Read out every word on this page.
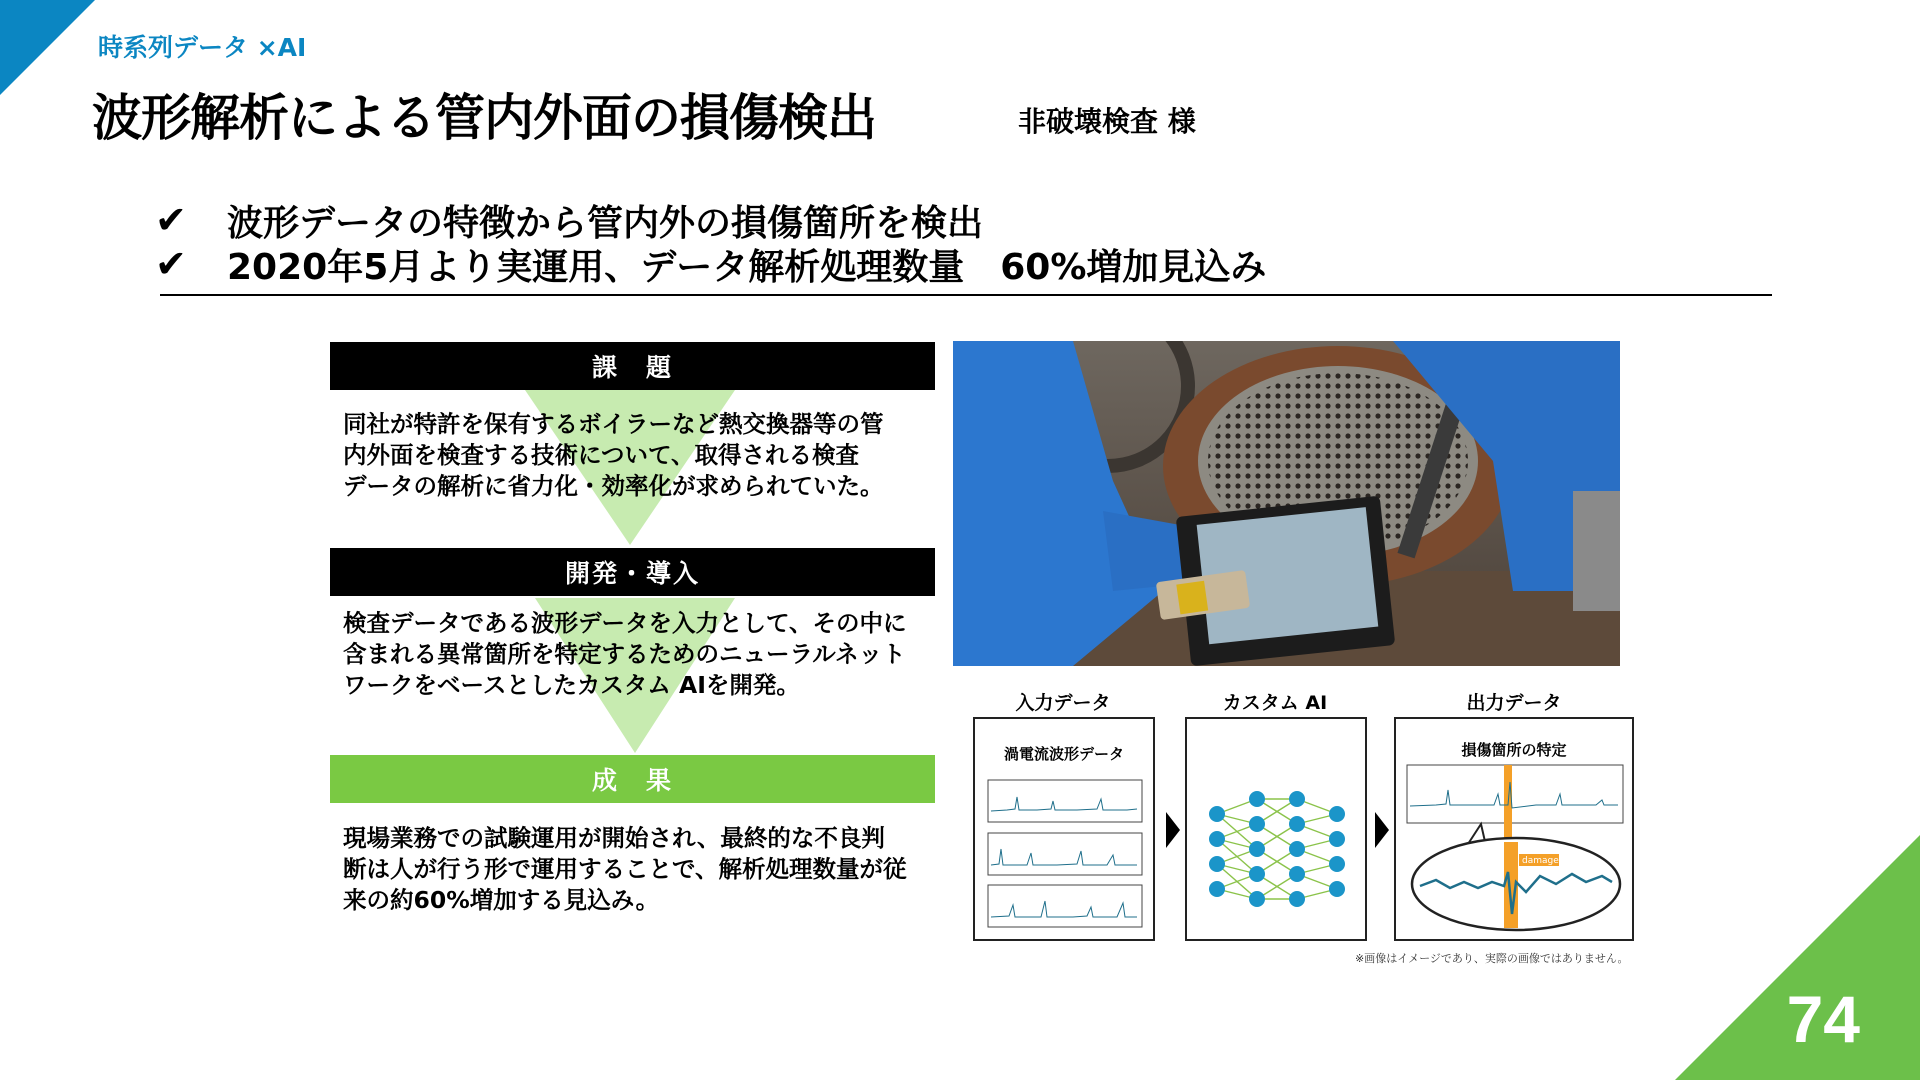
74
時系列データ ×AI
波形解析による管内外面の損傷検出	非破壊検査 様
✔	波形データの特徴から管内外の損傷箇所を検出
✔	2020年5月より実運用、データ解析処理数量　60%増加見込み
課　題

同社が特許を保有するボイラーなど熱交換器等の管
内外面を検査する技術について、取得される検査
データの解析に省力化・効率化が求められていた。

開発・導入

検査データである波形データを入力として、その中に
含まれる異常箇所を特定するためのニューラルネット
ワークをベースとしたカスタム AIを開発。

成　果

現場業務での試験運用が開始され、最終的な不良判
断は人が行う形で運用することで、解析処理数量が従
来の約60%増加する見込み。

入力データ	カスタム AI	出力データ
渦電流波形データ	損傷箇所の特定
damage
※画像はイメージであり、実際の画像ではありません。
